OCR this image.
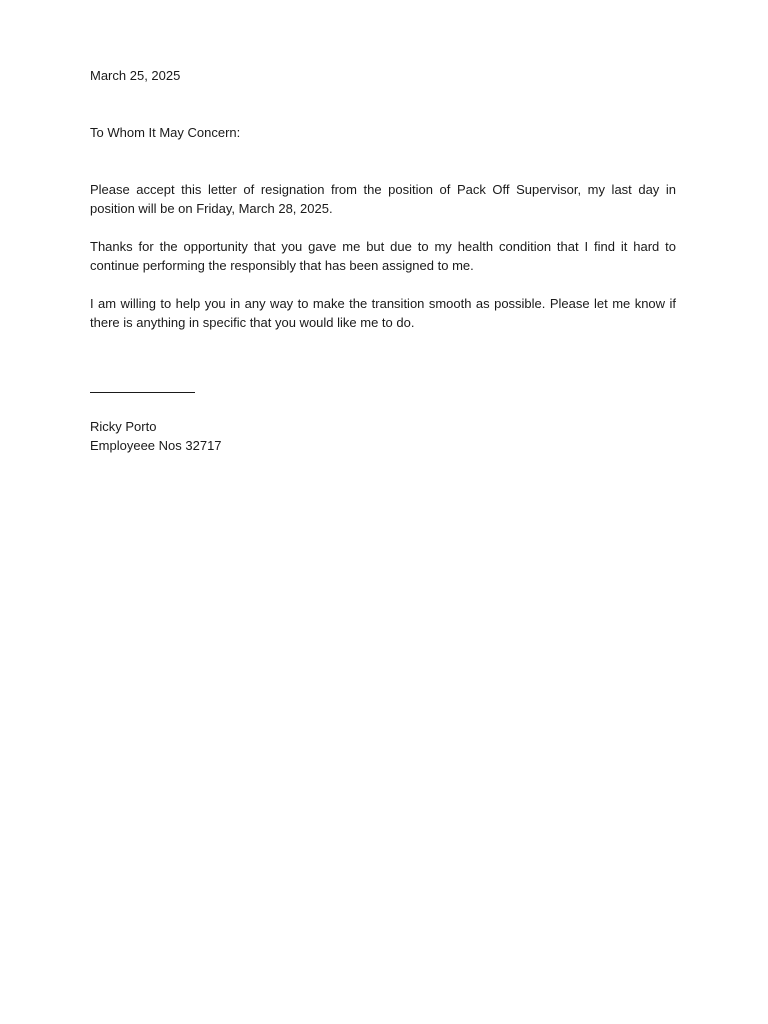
March 25, 2025

To Whom It May Concern:

Please accept this letter of resignation from the position of Pack Off Supervisor, my last day in position will be on Friday, March 28, 2025.

Thanks for the opportunity that you gave me but due to my health condition that I find it hard to continue performing the responsibly that has been assigned to me.

I am willing to help you in any way to make the transition smooth as possible. Please let me know if there is anything in specific that you would like me to do.

Ricky Porto

Employeee Nos 32717
